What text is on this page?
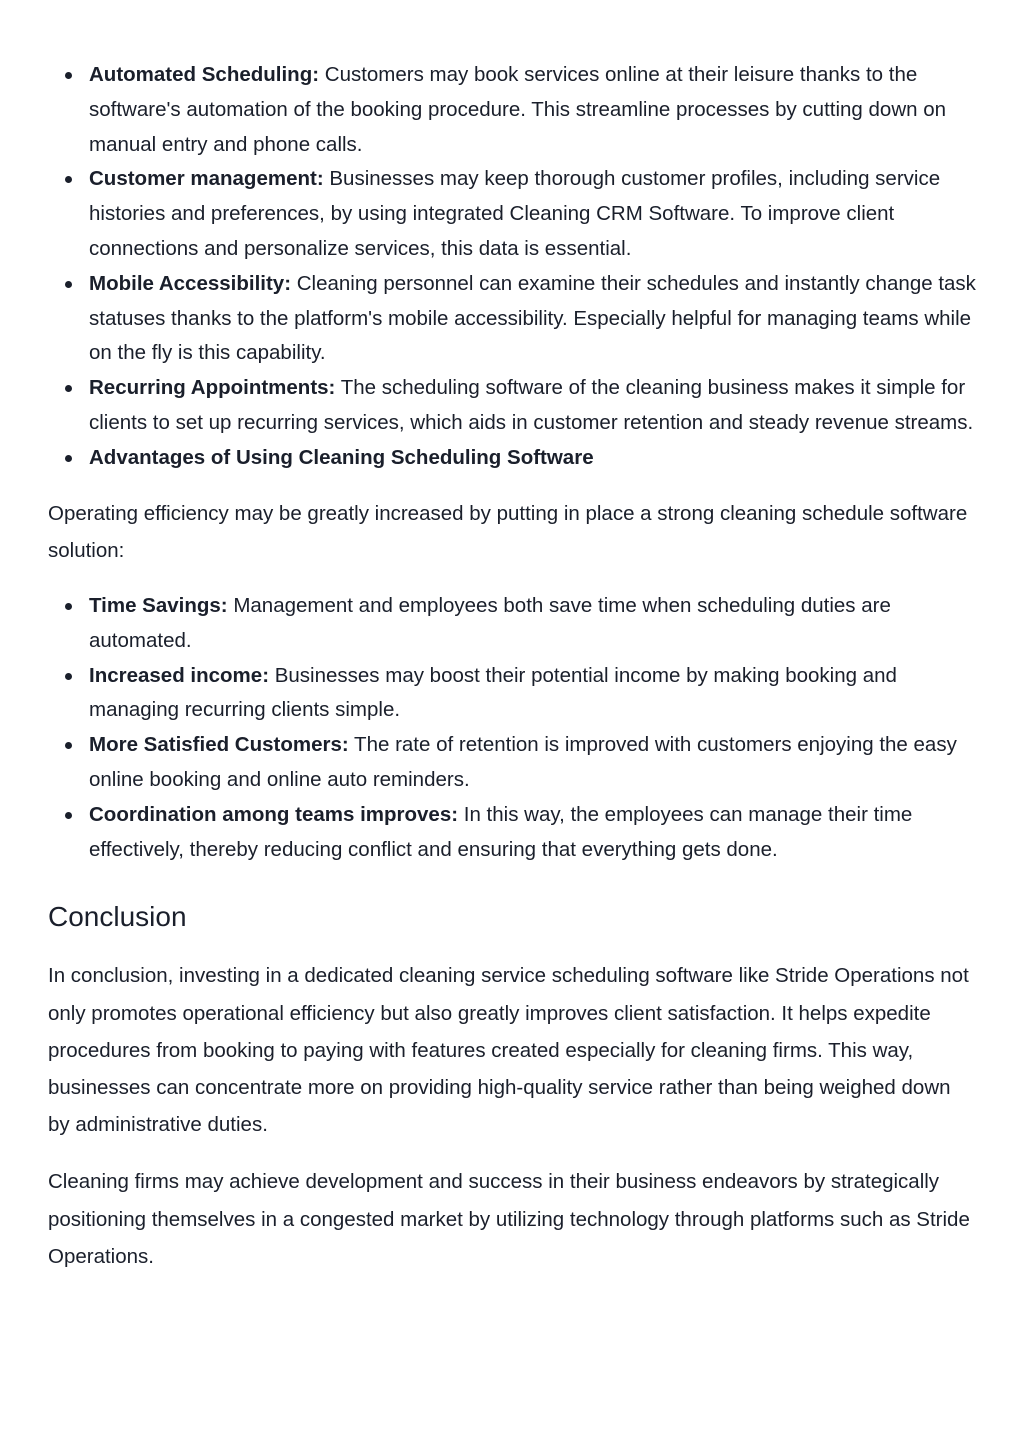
Automated Scheduling: Customers may book services online at their leisure thanks to the software's automation of the booking procedure. This streamline processes by cutting down on manual entry and phone calls.
Customer management: Businesses may keep thorough customer profiles, including service histories and preferences, by using integrated Cleaning CRM Software. To improve client connections and personalize services, this data is essential.
Mobile Accessibility: Cleaning personnel can examine their schedules and instantly change task statuses thanks to the platform's mobile accessibility. Especially helpful for managing teams while on the fly is this capability.
Recurring Appointments: The scheduling software of the cleaning business makes it simple for clients to set up recurring services, which aids in customer retention and steady revenue streams.
Advantages of Using Cleaning Scheduling Software

Operating efficiency may be greatly increased by putting in place a strong cleaning schedule software solution:

Time Savings: Management and employees both save time when scheduling duties are automated.
Increased income: Businesses may boost their potential income by making booking and managing recurring clients simple.
More Satisfied Customers: The rate of retention is improved with customers enjoying the easy online booking and online auto reminders.
Coordination among teams improves: In this way, the employees can manage their time effectively, thereby reducing conflict and ensuring that everything gets done.
Conclusion

In conclusion, investing in a dedicated cleaning service scheduling software like Stride Operations not only promotes operational efficiency but also greatly improves client satisfaction. It helps expedite procedures from booking to paying with features created especially for cleaning firms. This way, businesses can concentrate more on providing high-quality service rather than being weighed down by administrative duties.

Cleaning firms may achieve development and success in their business endeavors by strategically positioning themselves in a congested market by utilizing technology through platforms such as Stride Operations.
